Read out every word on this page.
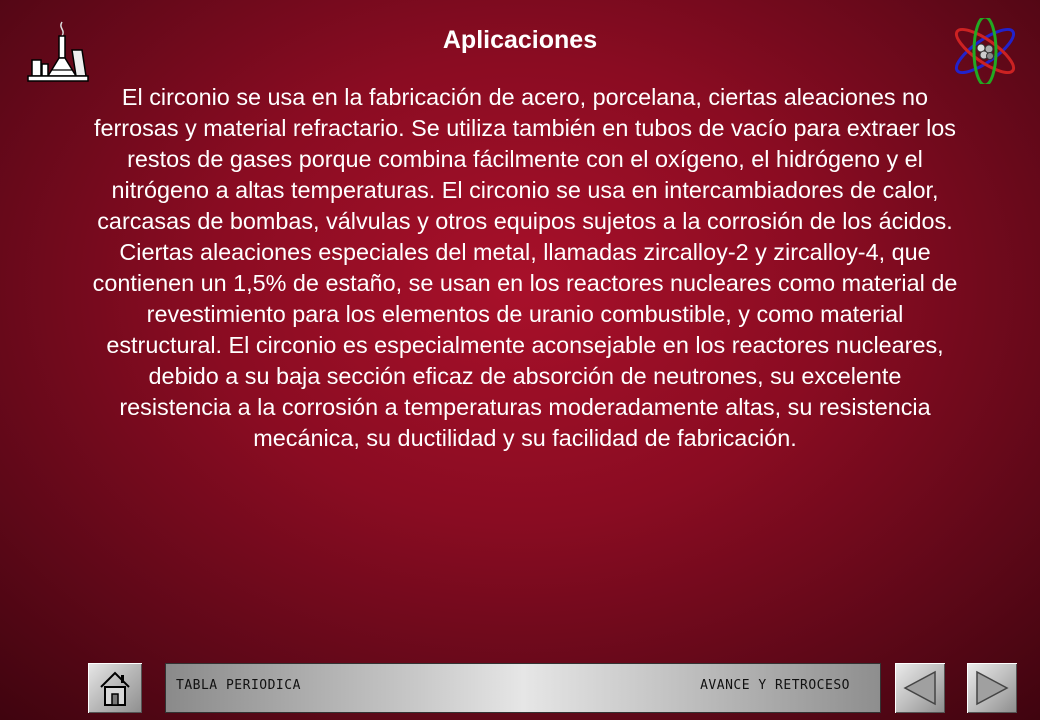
Aplicaciones
El circonio se usa en la fabricación de acero, porcelana, ciertas aleaciones no ferrosas y material refractario. Se utiliza también en tubos de vacío para extraer los restos de gases porque combina fácilmente con el oxígeno, el hidrógeno y el nitrógeno a altas temperaturas. El circonio se usa en intercambiadores de calor, carcasas de bombas, válvulas y otros equipos sujetos a la corrosión de los ácidos. Ciertas aleaciones especiales del metal, llamadas zircalloy-2 y zircalloy-4, que contienen un 1,5% de estaño, se usan en los reactores nucleares como material de revestimiento para los elementos de uranio combustible, y como material estructural. El circonio es especialmente aconsejable en los reactores nucleares, debido a su baja sección eficaz de absorción de neutrones, su excelente resistencia a la corrosión a temperaturas moderadamente altas, su resistencia mecánica, su ductilidad y su facilidad de fabricación.
TABLA PERIODICA	AVANCE Y RETROCESO
